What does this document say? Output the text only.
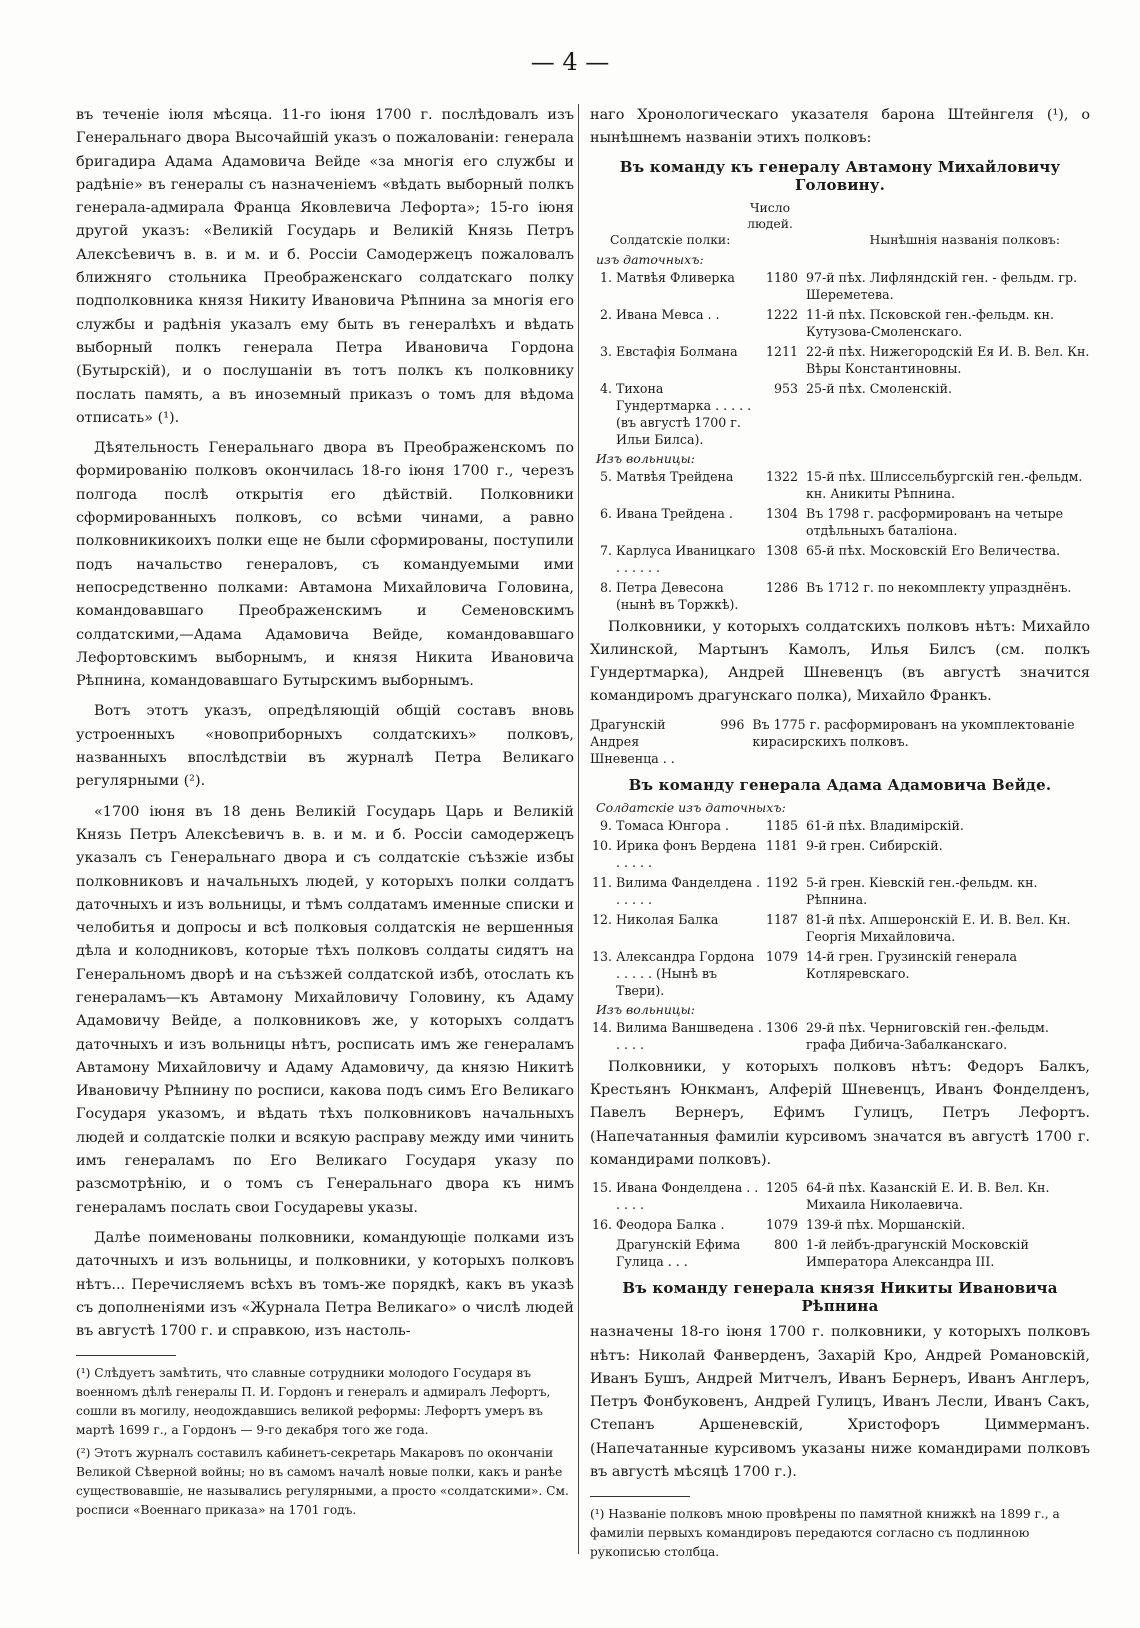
— 4 —

въ теченіе іюля мѣсяца. 11-го іюня 1700 г. послѣдовалъ изъ Генеральнаго двора Высочайшій указъ о пожалованіи: генерала бригадира Адама Адамовича Вейде «за многія его службы и радѣніе» въ генералы съ назначеніемъ «вѣдать выборный полкъ генерала-адмирала Франца Яковлевича Лефорта»; 15-го іюня другой указъ: «Великій Государь и Великій Князь Петръ Алексѣевичъ в. в. и м. и б. Россіи Самодержецъ пожаловалъ ближняго стольника Преображенскаго солдатскаго полку подполковника князя Никиту Ивановича Рѣпнина за многія его службы и радѣнія указалъ ему быть въ генералѣхъ и вѣдать выборный полкъ генерала Петра Ивановича Гордона (Бутырскій), и о послушаніи въ тотъ полкъ къ полковнику послать память, а въ иноземный приказъ о томъ для вѣдома отписать» (¹).

Дѣятельность Генеральнаго двора въ Преображенскомъ по формированію полковъ окончилась 18-го іюня 1700 г., черезъ полгода послѣ открытія его дѣйствій. Полковники сформированныхъ полковъ, со всѣми чинами, а равно полковникикоихъ полки еще не были сформированы, поступили подъ начальство генераловъ, съ командуемыми ими непосредственно полками: Автамона Михайловича Головина, командовавшаго Преображенскимъ и Семеновскимъ солдатскими,—Адама Адамовича Вейде, командовавшаго Лефортовскимъ выборнымъ, и князя Никита Ивановича Рѣпнина, командовавшаго Бутырскимъ выборнымъ.

Вотъ этотъ указъ, опредѣляющій общій составъ вновь устроенныхъ «новоприборныхъ солдатскихъ» полковъ, названныхъ впослѣдствіи въ журналѣ Петра Великаго регулярными (²).

«1700 іюня въ 18 день Великій Государь Царь и Великій Князь Петръ Алексѣевичъ в. в. и м. и б. Россіи самодержецъ указалъ съ Генеральнаго двора и съ солдатскіе съѣзжіе избы полковниковъ и начальныхъ людей, у которыхъ полки солдатъ даточныхъ и изъ вольницы, и тѣмъ солдатамъ именные списки и челобитья и допросы и всѣ полковыя солдатскія не вершенныя дѣла и колодниковъ, которые тѣхъ полковъ солдаты сидятъ на Генеральномъ дворѣ и на съѣзжей солдатской избѣ, отослать къ генераламъ—къ Автамону Михайловичу Головину, къ Адаму Адамовичу Вейде, а полковниковъ же, у которыхъ солдатъ даточныхъ и изъ вольницы нѣтъ, росписать имъ же генераламъ Автамону Михайловичу и Адаму Адамовичу, да князю Никитѣ Ивановичу Рѣпнину по росписи, какова подъ симъ Его Великаго Государя указомъ, и вѣдать тѣхъ полковниковъ начальныхъ людей и солдатскіе полки и всякую расправу между ими чинить имъ генераламъ по Его Великаго Государя указу по разсмотрѣнію, и о томъ съ Генеральнаго двора къ нимъ генераламъ послать свои Государевы указы.

Далѣе поименованы полковники, командующіе полками изъ даточныхъ и изъ вольницы, и полковники, у которыхъ полковъ нѣтъ... Перечисляемъ всѣхъ въ томъ-же порядкѣ, какъ въ указѣ съ дополненіями изъ «Журнала Петра Великаго» о числѣ людей въ августѣ 1700 г. и справкою, изъ настоль-

(¹) Слѣдуетъ замѣтить, что славные сотрудники молодого Государя въ военномъ дѣлѣ генералы П. И. Гордонъ и генералъ и адмиралъ Лефортъ, сошли въ могилу, неодождавшись великой реформы: Лефортъ умеръ въ мартѣ 1699 г., а Гордонъ — 9-го декабря того же года.
(²) Этотъ журналъ составилъ кабинетъ-секретарь Макаровъ по окончаніи Великой Сѣверной войны; но въ самомъ началѣ новые полки, какъ и ранѣе существовавшіе, не назывались регулярными, а просто «солдатскими». См. росписи «Военнаго приказа» на 1701 годъ.

наго Хронологическаго указателя барона Штейнгеля (¹), о нынѣшнемъ названіи этихъ полковъ:

Въ команду къ генералу Автамону Михайловичу Головину.
Число людей.
Солдатскіе полки:	Нынѣшнія названія полковъ:
изъ даточныхъ:
1.	Матвѣя Фливерка	1180	97-й пѣх. Лифляндскій ген. - фельдм. гр. Шереметева.
2.	Ивана Мевса . .	1222	11-й пѣх. Псковской ген.-фельдм. кн. Кутузова-Смоленскаго.
3.	Евстафія Болмана	1211	22-й пѣх. Нижегородскій Ея И. В. Вел. Кн. Вѣры Константиновны.
4.	Тихона Гундертмарка . . . . . (въ августѣ 1700 г. Ильи Билса).	953	25-й пѣх. Смоленскій.
Изъ вольницы:
5.	Матвѣя Трейдена	1322	15-й пѣх. Шлиссельбургскій ген.-фельдм. кн. Аникиты Рѣпнина.
6.	Ивана Трейдена .	1304	Въ 1798 г. расформированъ на четыре отдѣльныхъ баталіона.
7.	Карлуса Иваницкаго . . . . . .	1308	65-й пѣх. Московскій Его Величества.
8.	Петра Девесона (нынѣ въ Торжкѣ).	1286	Въ 1712 г. по некомплекту упразднёнъ.

Полковники, у которыхъ солдатскихъ полковъ нѣтъ: Михайло Хилинской, Мартынъ Камолъ, Илья Билсъ (см. полкъ Гундертмарка), Андрей Шневенцъ (въ августѣ значится командиромъ драгунскаго полка), Михайло Франкъ.

Драгунскій Андрея Шневенца . .	996	Въ 1775 г. расформированъ на укомплектованіе кирасирскихъ полковъ.
Въ команду генерала Адама Адамовича Вейде.
Солдатскіе изъ даточныхъ:
9.	Томаса Юнгора .	1185	61-й пѣх. Владимірскій.
10.	Ирика фонъ Вердена . . . . .	1181	9-й грен. Сибирскій.
11.	Вилима Фанделдена . . . . . .	1192	5-й грен. Кіевскій ген.-фельдм. кн. Рѣпнина.
12.	Николая Балка	1187	81-й пѣх. Апшеронскій Е. И. В. Вел. Кн. Георгія Михайловича.
13.	Александра Гордона . . . . . (Нынѣ въ Твери).	1079	14-й грен. Грузинскій генерала Котляревскаго.
Изъ вольницы:
14.	Вилима Ваншведена . . . . .	1306	29-й пѣх. Черниговскій ген.-фельдм. графа Дибича-Забалканскаго.

Полковники, у которыхъ полковъ нѣтъ: Федоръ Балкъ, Крестьянъ Юнкманъ, Алферій Шневенцъ, Иванъ Фонделденъ, Павелъ Вернеръ, Ефимъ Гулицъ, Петръ Лефортъ. (Напечатанныя фамиліи курсивомъ значатся въ августѣ 1700 г. командирами полковъ).

15.	Ивана Фонделдена . . . . . .	1205	64-й пѣх. Казанскій Е. И. В. Вел. Кн. Михаила Николаевича.
16.	Феодора Балка .	1079	139-й пѣх. Моршанскій.
	Драгунскій Ефима Гулица . . .	800	1-й лейбъ-драгунскій Московскій Императора Александра III.
Въ команду генерала князя Никиты Ивановича Рѣпнина

назначены 18-го іюня 1700 г. полковники, у которыхъ полковъ нѣтъ: Николай Фанверденъ, Захарій Кро, Андрей Романовскій, Иванъ Бушъ, Андрей Митчелъ, Иванъ Бернеръ, Иванъ Англеръ, Петръ Фонбуковенъ, Андрей Гулицъ, Иванъ Лесли, Иванъ Сакъ, Степанъ Аршеневскій, Христофоръ Циммерманъ. (Напечатанные курсивомъ указаны ниже командирами полковъ въ августѣ мѣсяцѣ 1700 г.).

(¹) Названіе полковъ мною провѣрены по памятной книжкѣ на 1899 г., а фамиліи первыхъ командировъ передаются согласно съ подлинною рукописью столбца.
